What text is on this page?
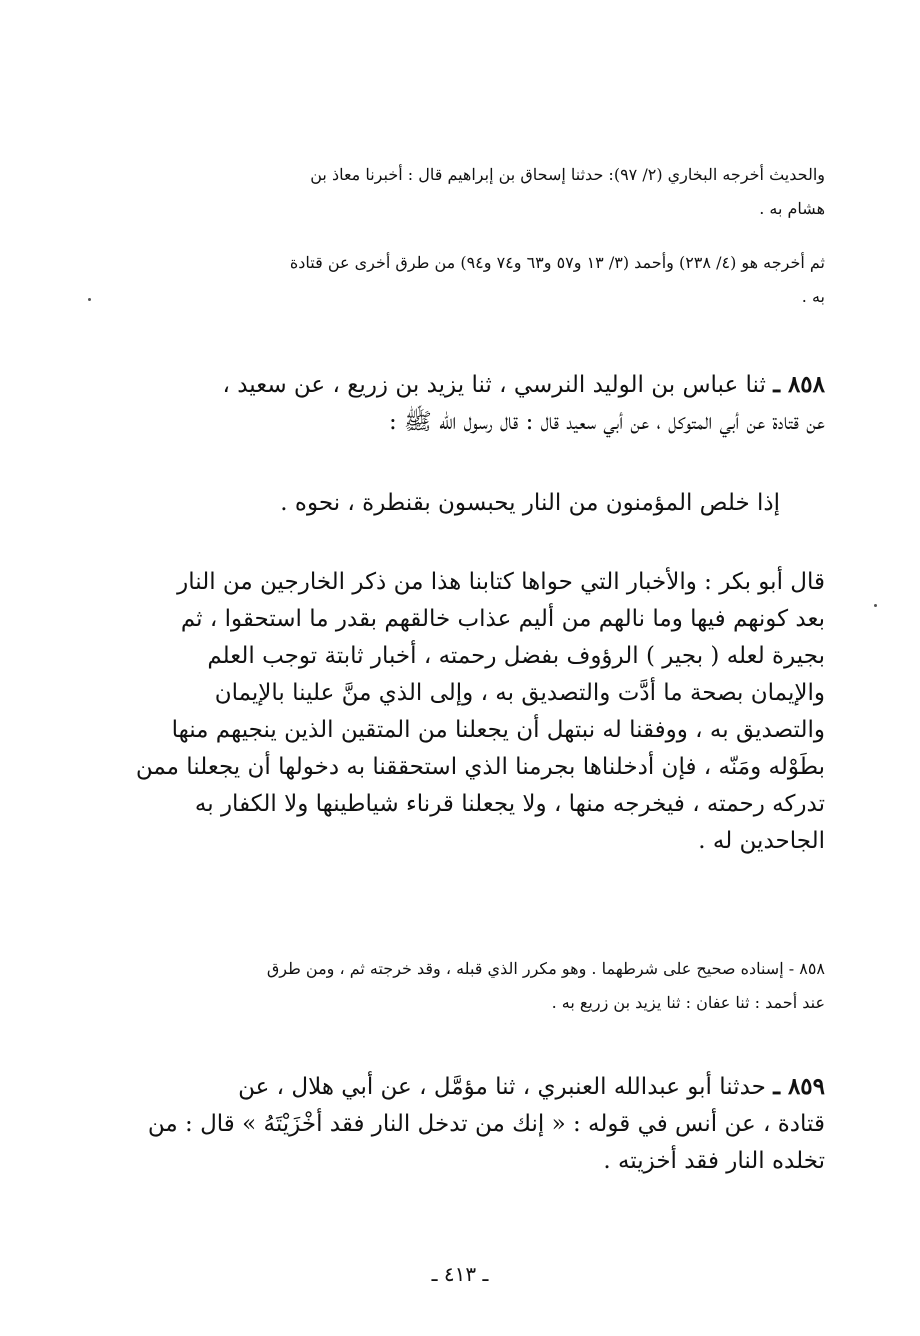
والحديث أخرجه البخاري (٢/ ٩٧): حدثنا إسحاق بن إبراهيم قال : أخبرنا معاذ بن
هشام به .
ثم أخرجه هو (٤/ ٢٣٨) وأحمد (٣/ ١٣ و٥٧ و٦٣ و٧٤ و٩٤) من طرق أخرى عن قتادة
به .
٨٥٨ ـ ثنا عباس بن الوليد النرسي ، ثنا يزيد بن زريع ، عن سعيد ،
عن قتادة عن أبي المتوكل ، عن أبي سعيد قال : قال رسول الله ﷺ :
إذا خلص المؤمنون من النار يحبسون بقنطرة ، نحوه .
قال أبو بكر : والأخبار التي حواها كتابنا هذا من ذكر الخارجين من النار
بعد كونهم فيها وما نالهم من أليم عذاب خالقهم بقدر ما استحقوا ، ثم
بجيرة لعله ( بجير ) الرؤوف بفضل رحمته ، أخبار ثابتة توجب العلم
والإيمان بصحة ما أدَّت والتصديق به ، وإلى الذي منَّ علينا بالإيمان
والتصديق به ، ووفقنا له نبتهل أن يجعلنا من المتقين الذين ينجيهم منها
بطَوْله ومَنّه ، فإن أدخلناها بجرمنا الذي استحققنا به دخولها أن يجعلنا ممن
تدركه رحمته ، فيخرجه منها ، ولا يجعلنا قرناء شياطينها ولا الكفار به
الجاحدين له .
٨٥٨ - إسناده صحيح على شرطهما . وهو مكرر الذي قبله ، وقد خرجته ثم ، ومن طرق
عند أحمد : ثنا عفان : ثنا يزيد بن زريع به .
٨٥٩ ـ حدثنا أبو عبدالله العنبري ، ثنا مؤمَّل ، عن أبي هلال ، عن
قتادة ، عن أنس في قوله : « إنك من تدخل النار فقد أخْزَيْتَهُ » قال : من
تخلده النار فقد أخزيته .
ـ ٤١٣ ـ
